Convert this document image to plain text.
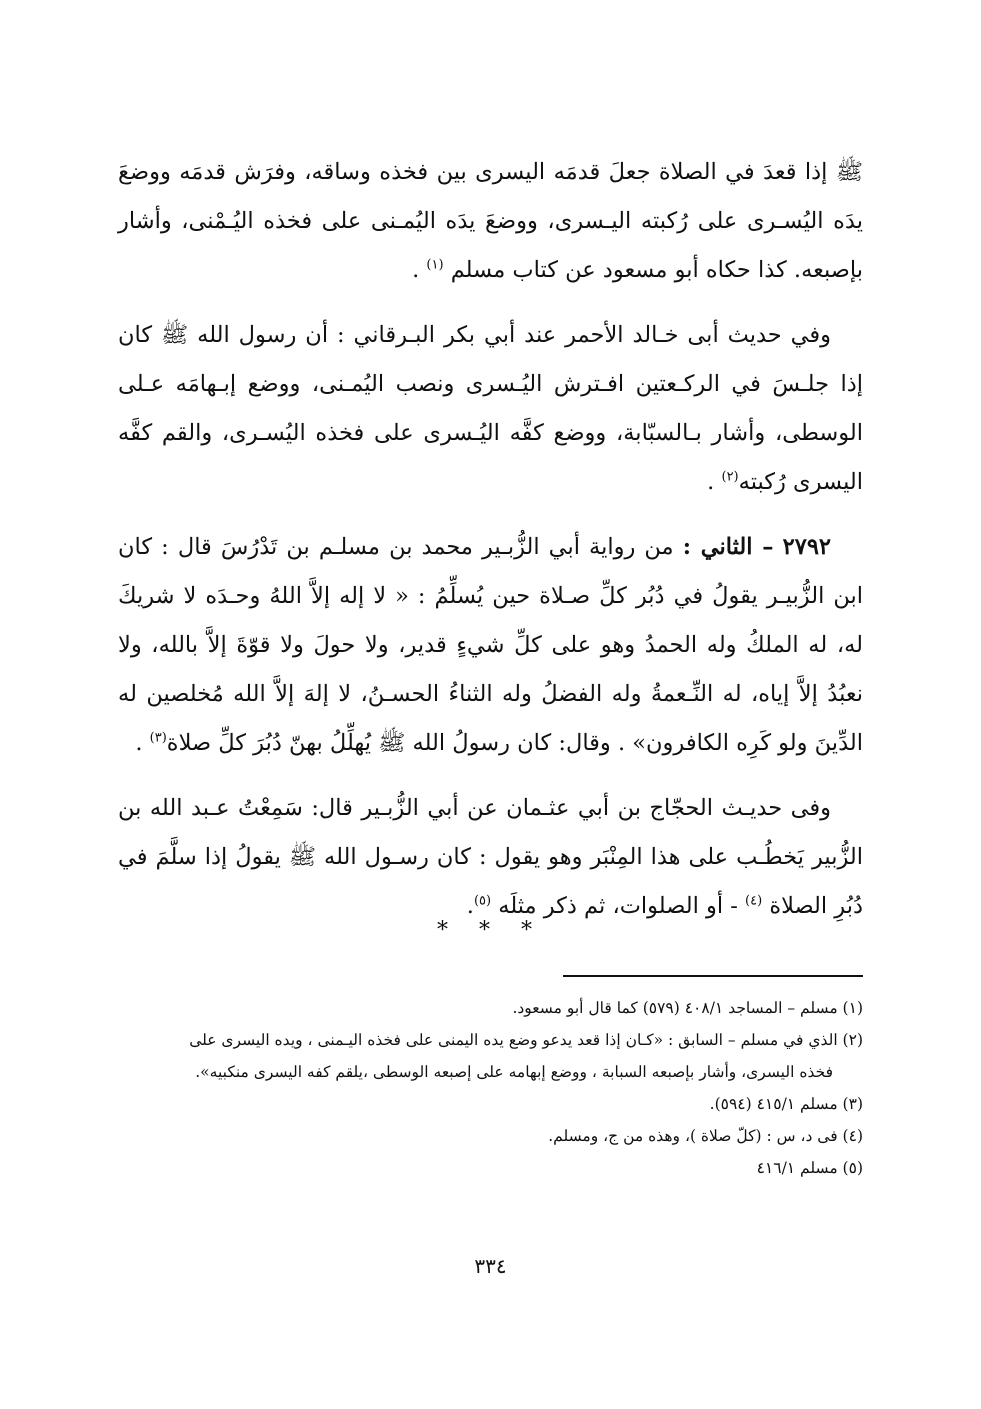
ﷺ إذا قعدَ في الصلاة جعلَ قدمَه اليسرى بين فخذه وساقه، وفرَش قدمَه ووضعَ يدَه اليُسـرى على رُكبته اليـسرى، ووضعَ يدَه اليُمـنى على فخذه اليُـمْنى، وأشار بإصبعه. كذا حكاه أبو مسعود عن كتاب مسلم $^{(١)}$ .

وفي حديث أبى خـالد الأحمر عند أبي بكر البـرقاني : أن رسول الله ﷺ كان إذا جلـسَ في الركـعتين افـترش اليُـسرى ونصب اليُمـنى، ووضع إبـهامَه عـلى الوسطى، وأشار بـالسبّابة، ووضع كفَّه اليُـسرى على فخذه اليُسـرى، والقم كفَّه اليسرى رُكبته$^{(٢)}$ .

٢٧٩٢ – الثاني : من رواية أبي الزُّبـير محمد بن مسلـم بن تَدْرُسَ قال : كان ابن الزُّبيـر يقولُ في دُبُر كلِّ صـلاة حين يُسلِّمُ : « لا إله إلاَّ اللهُ وحـدَه لا شريكَ له، له الملكُ وله الحمدُ وهو على كلِّ شيءٍ قدير، ولا حولَ ولا قوّةَ إلاَّ بالله، ولا نعبُدُ إلاَّ إياه، له النِّـعمةُ وله الفضلُ وله الثناءُ الحسـنُ، لا إلهَ إلاَّ الله مُخلصين له الدِّينَ ولو كَرِه الكافرون» . وقال: كان رسولُ الله ﷺ يُهلِّلُ بهنّ دُبُرَ كلِّ صلاة$^{(٣)}$ .

وفى حديـث الحجّاج بن أبي عثـمان عن أبي الزُّبـير قال: سَمِعْتُ عـبد الله بن الزُّبير يَخطُـب على هذا المِنْبَر وهو يقول : كان رسـول الله ﷺ يقولُ إذا سلَّمَ في دُبُرِ الصلاة $^{(٤)}$ - أو الصلوات، ثم ذكر مثلَه $^{(٥)}$.

* * *

(١) مسلم – المساجد ٤٠٨/١ (٥٧٩) كما قال أبو مسعود.

(٢) الذي في مسلم – السابق : «كـان إذا قعد يدعو وضع يده اليمنى على فخذه اليـمنى ، ويده اليسرى على

فخذه اليسرى، وأشار بإصبعه السبابة ، ووضع إبهامه على إصبعه الوسطى ،يلقم كفه اليسرى منكبيه».

(٣) مسلم ٤١٥/١ (٥٩٤).

(٤) فى د، س : (كلّ صلاة )، وهذه من ج، ومسلم.

(٥) مسلم ٤١٦/١

٣٣٤
